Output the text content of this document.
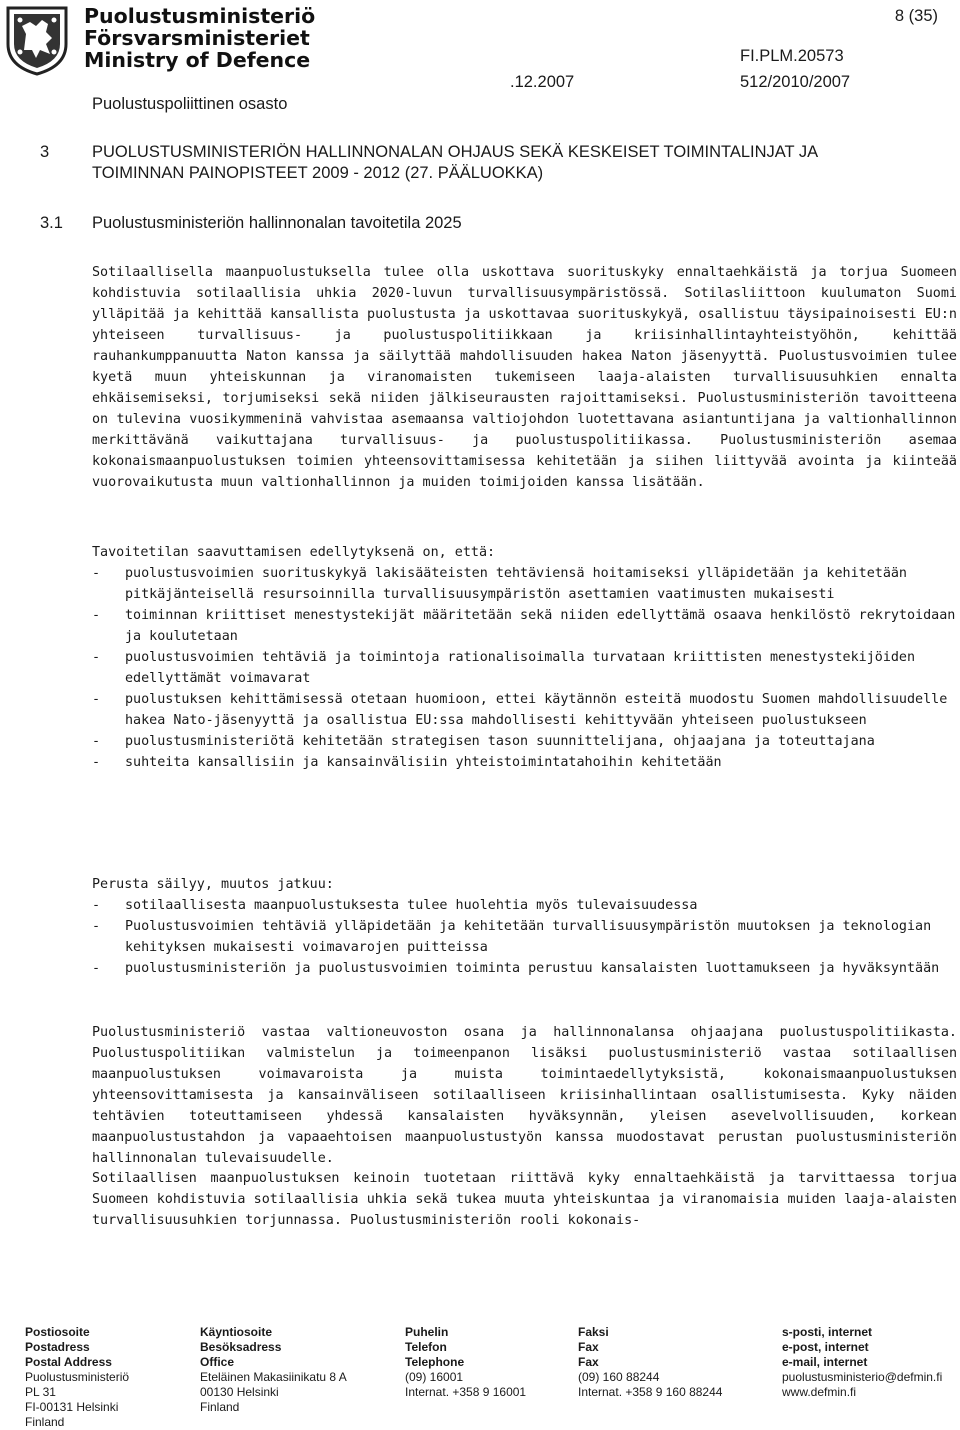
Puolustusministeriö
Försvarsministeriet
Ministry of Defence
8 (35)
FI.PLM.20573
.12.2007	512/2010/2007
Puolustuspoliittinen osasto
3	PUOLUSTUSMINISTERIÖN HALLINNONALAN OHJAUS SEKÄ KESKEISET TOIMINTALINJAT JA
TOIMINNAN PAINOPISTEET 2009 - 2012 (27. PÄÄLUOKKA)
3.1 Puolustusministeriön hallinnonalan tavoitetila 2025

Sotilaallisella maanpuolustuksella tulee olla uskottava suorituskyky ennaltaehkäistä ja torjua Suomeen kohdistuvia sotilaallisia uhkia 2020-luvun turvallisuusympäristössä. Sotilasliittoon kuulumaton Suomi ylläpitää ja kehittää kansallista puolustusta ja uskottavaa suorituskykyä, osallistuu täysipainoisesti EU:n yhteiseen turvallisuus- ja puolustuspolitiikkaan ja kriisinhallintayhteistyöhön, kehittää rauhankumppanuutta Naton kanssa ja säilyttää mahdollisuuden hakea Naton jäsenyyttä. Puolustusvoimien tulee kyetä muun yhteiskunnan ja viranomaisten tukemiseen laaja-alaisten turvallisuusuhkien ennalta ehkäisemiseksi, torjumiseksi sekä niiden jälkiseurausten rajoittamiseksi. Puolustusministeriön tavoitteena on tulevina vuosikymmeninä vahvistaa asemaansa valtiojohdon luotettavana asiantuntijana ja valtionhallinnon merkittävänä vaikuttajana turvallisuus- ja puolustuspolitiikassa. Puolustusministeriön asemaa kokonaismaanpuolustuksen toimien yhteensovittamisessa kehitetään ja siihen liittyvää avointa ja kiinteää vuorovaikutusta muun valtionhallinnon ja muiden toimijoiden kanssa lisätään.

Tavoitetilan saavuttamisen edellytyksenä on, että:

- puolustusvoimien suorituskykyä lakisääteisten tehtäviensä hoitamiseksi ylläpidetään ja kehitetään pitkäjänteisellä resursoinnilla turvallisuusympäristön asettamien vaatimusten mukaisesti
- toiminnan kriittiset menestystekijät määritetään sekä niiden edellyttämä osaava henkilöstö rekrytoidaan ja koulutetaan
- puolustusvoimien tehtäviä ja toimintoja rationalisoimalla turvataan kriittisten menestystekijöiden edellyttämät voimavarat
- puolustuksen kehittämisessä otetaan huomioon, ettei käytännön esteitä muodostu Suomen mahdollisuudelle hakea Nato-jäsenyyttä ja osallistua EU:ssa mahdollisesti kehittyvään yhteiseen puolustukseen
- puolustusministeriötä kehitetään strategisen tason suunnittelijana, ohjaajana ja toteuttajana
- suhteita kansallisiin ja kansainvälisiin yhteistoimintatahoihin kehitetään

Perusta säilyy, muutos jatkuu:

- sotilaallisesta maanpuolustuksesta tulee huolehtia myös tulevaisuudessa
- Puolustusvoimien tehtäviä ylläpidetään ja kehitetään turvallisuusympäristön muutoksen ja teknologian kehityksen mukaisesti voimavarojen puitteissa
- puolustusministeriön ja puolustusvoimien toiminta perustuu kansalaisten luottamukseen ja hyväksyntään

Puolustusministeriö vastaa valtioneuvoston osana ja hallinnonalansa ohjaajana puolustuspolitiikasta. Puolustuspolitiikan valmistelun ja toimeenpanon lisäksi puolustusministeriö vastaa sotilaallisen maanpuolustuksen voimavaroista ja muista toimintaedellytyksistä, kokonaismaanpuolustuksen yhteensovittamisesta ja kansainväliseen sotilaalliseen kriisinhallintaan osallistumisesta. Kyky näiden tehtävien toteuttamiseen yhdessä kansalaisten hyväksynnän, yleisen asevelvollisuuden, korkean maanpuolustustahdon ja vapaaehtoisen maanpuolustustyön kanssa muodostavat perustan puolustusministeriön hallinnonalan tulevaisuudelle.

Sotilaallisen maanpuolustuksen keinoin tuotetaan riittävä kyky ennaltaehkäistä ja tarvittaessa torjua Suomeen kohdistuvia sotilaallisia uhkia sekä tukea muuta yhteiskuntaa ja viranomaisia muiden laaja-alaisten turvallisuusuhkien torjunnassa. Puolustusministeriön rooli kokonais-

Postiosoite
Postadress
Postal Address
Puolustusministeriö
PL 31
FI-00131 Helsinki
Finland
Käyntiosoite
Besöksadress
Office
Eteläinen Makasiinikatu 8 A
00130 Helsinki
Finland
Puhelin
Telefon
Telephone
(09) 16001
Internat. +358 9 16001
Faksi
Fax
Fax
(09) 160 88244
Internat. +358 9 160 88244
s-posti, internet
e-post, internet
e-mail, internet
puolustusministerio@defmin.fi
www.defmin.fi
